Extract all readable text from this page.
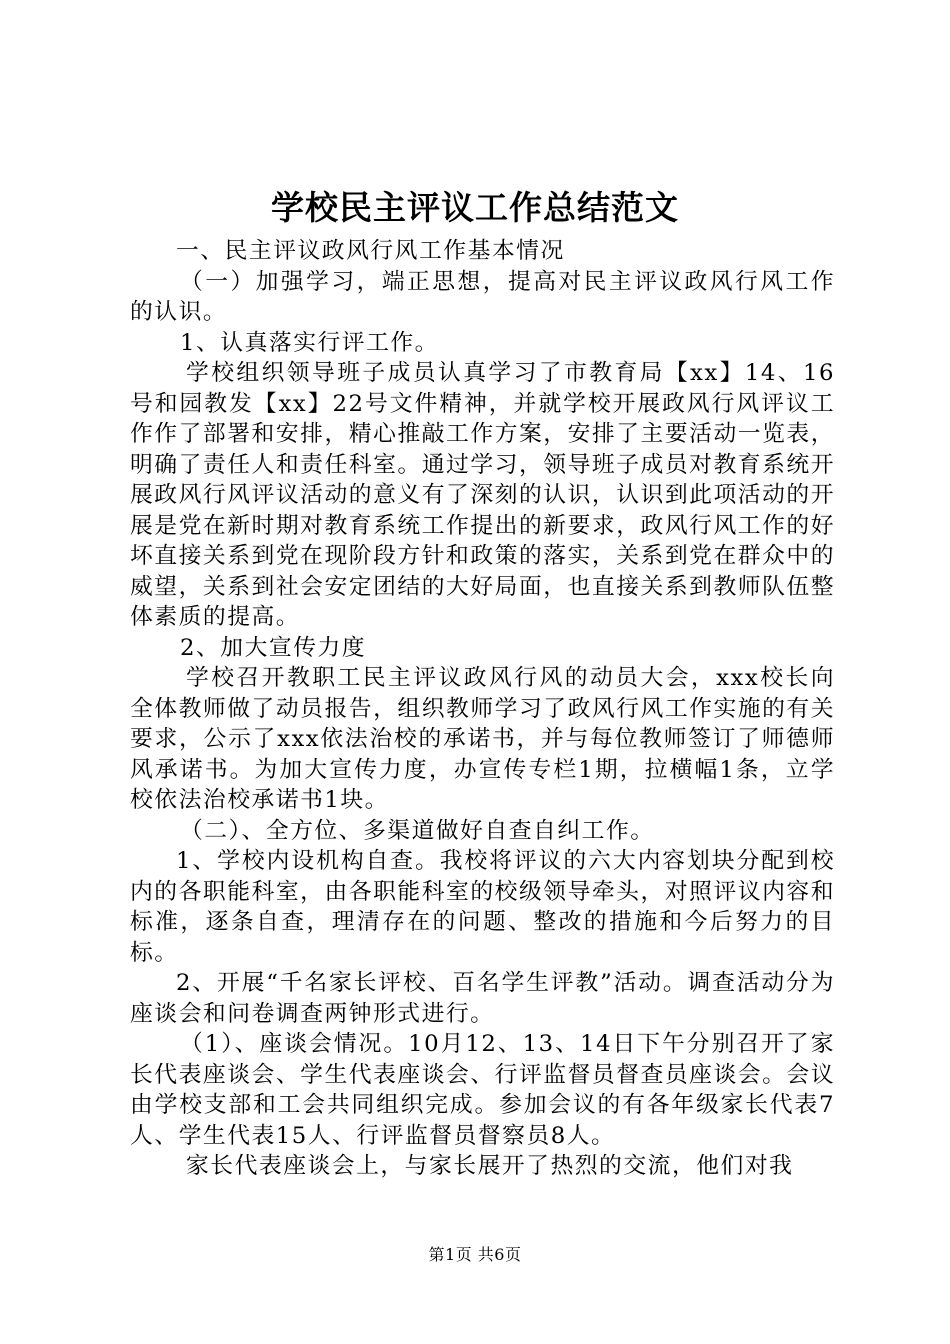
学校民主评议工作总结范文

一、民主评议政风行风工作基本情况

（一）加强学习，端正思想，提高对民主评议政风行风工作的认识。

1、认真落实行评工作。

学校组织领导班子成员认真学习了市教育局【xx】14、16号和园教发【xx】22号文件精神，并就学校开展政风行风评议工作作了部署和安排，精心推敲工作方案，安排了主要活动一览表，明确了责任人和责任科室。通过学习，领导班子成员对教育系统开展政风行风评议活动的意义有了深刻的认识，认识到此项活动的开展是党在新时期对教育系统工作提出的新要求，政风行风工作的好坏直接关系到党在现阶段方针和政策的落实，关系到党在群众中的威望，关系到社会安定团结的大好局面，也直接关系到教师队伍整体素质的提高。

2、加大宣传力度

学校召开教职工民主评议政风行风的动员大会，xxx校长向全体教师做了动员报告，组织教师学习了政风行风工作实施的有关要求，公示了xxx依法治校的承诺书，并与每位教师签订了师德师风承诺书。为加大宣传力度，办宣传专栏1期，拉横幅1条，立学校依法治校承诺书1块。

（二）、全方位、多渠道做好自查自纠工作。

1、学校内设机构自查。我校将评议的六大内容划块分配到校内的各职能科室，由各职能科室的校级领导牵头，对照评议内容和标准，逐条自查，理清存在的问题、整改的措施和今后努力的目标。

2、开展“千名家长评校、百名学生评教”活动。调查活动分为座谈会和问卷调查两钟形式进行。

（1）、座谈会情况。10月12、13、14日下午分别召开了家长代表座谈会、学生代表座谈会、行评监督员督查员座谈会。会议由学校支部和工会共同组织完成。参加会议的有各年级家长代表7人、学生代表15人、行评监督员督察员8人。

家长代表座谈会上，与家长展开了热烈的交流，他们对我

第1页 共6页
